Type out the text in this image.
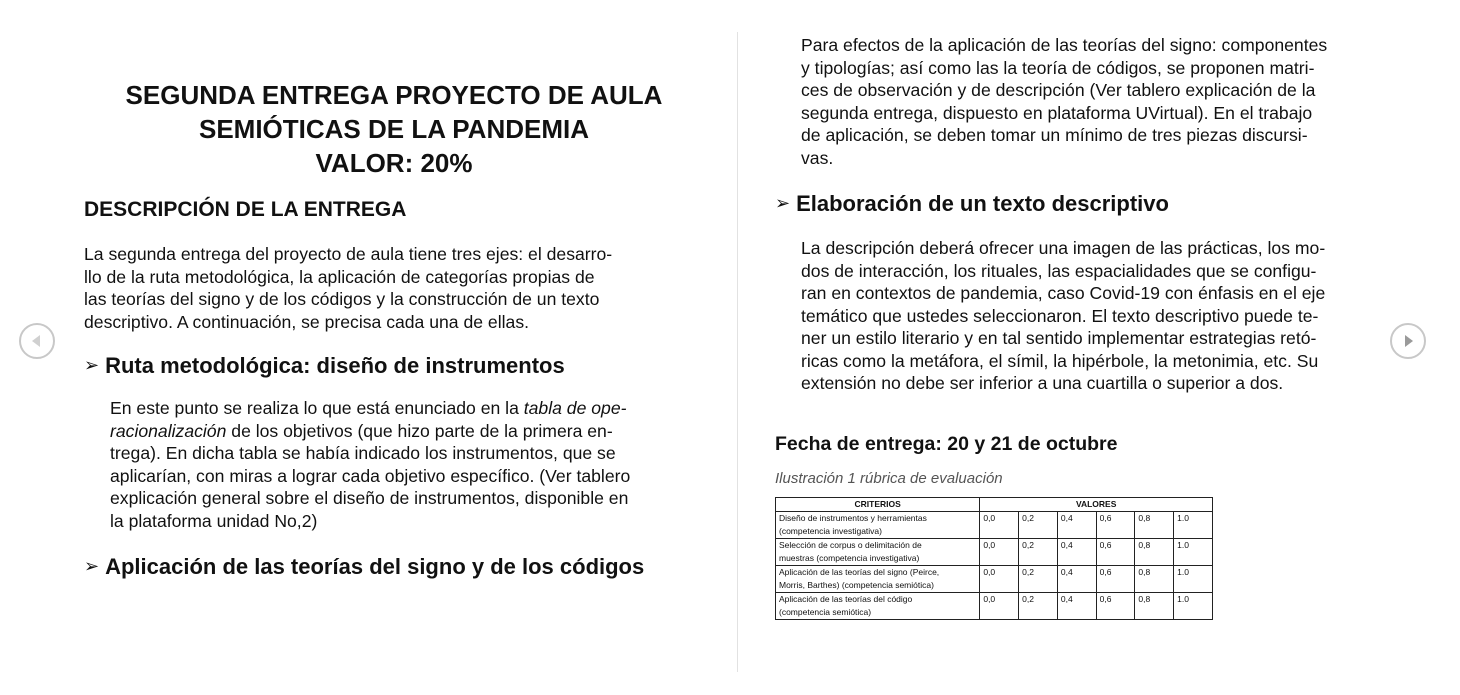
SEGUNDA ENTREGA PROYECTO DE AULA
SEMIÓTICAS DE LA PANDEMIA
VALOR: 20%
DESCRIPCIÓN DE LA ENTREGA

La segunda entrega del proyecto de aula tiene tres ejes: el desarro-
llo de la ruta metodológica, la aplicación de categorías propias de
las teorías del signo y de los códigos y la construcción de un texto
descriptivo. A continuación, se precisa cada una de ellas.

➢ Ruta metodológica: diseño de instrumentos

En este punto se realiza lo que está enunciado en la tabla de ope-
racionalización de los objetivos (que hizo parte de la primera en-
trega). En dicha tabla se había indicado los instrumentos, que se
aplicarían, con miras a lograr cada objetivo específico. (Ver tablero
explicación general sobre el diseño de instrumentos, disponible en
la plataforma unidad No,2)

➢ Aplicación de las teorías del signo y de los códigos

Para efectos de la aplicación de las teorías del signo: componentes
y tipologías; así como las la teoría de códigos, se proponen matri-
ces de observación y de descripción (Ver tablero explicación de la
segunda entrega, dispuesto en plataforma UVirtual). En el trabajo
de aplicación, se deben tomar un mínimo de tres piezas discursi-
vas.

➢ Elaboración de un texto descriptivo

La descripción deberá ofrecer una imagen de las prácticas, los mo-
dos de interacción, los rituales, las espacialidades que se configu-
ran en contextos de pandemia, caso Covid-19 con énfasis en el eje
temático que ustedes seleccionaron. El texto descriptivo puede te-
ner un estilo literario y en tal sentido implementar estrategias retó-
ricas como la metáfora, el símil, la hipérbole, la metonimia, etc. Su
extensión no debe ser inferior a una cuartilla o superior a dos.

Fecha de entrega: 20 y 21 de octubre
Ilustración 1 rúbrica de evaluación
CRITERIOS	VALORES					

Diseño de instrumentos y herramientas
(competencia investigativa)	0,0	0,2	0,4	0,6	0,8	1.0

Selección de corpus o delimitación de
muestras (competencia investigativa)	0,0	0,2	0,4	0,6	0,8	1.0

Aplicación de las teorías del signo (Peirce,
Morris, Barthes) (competencia semiótica)	0,0	0,2	0,4	0,6	0,8	1.0

Aplicación de las teorías del código
(competencia semiótica)	0,0	0,2	0,4	0,6	0,8	1.0
